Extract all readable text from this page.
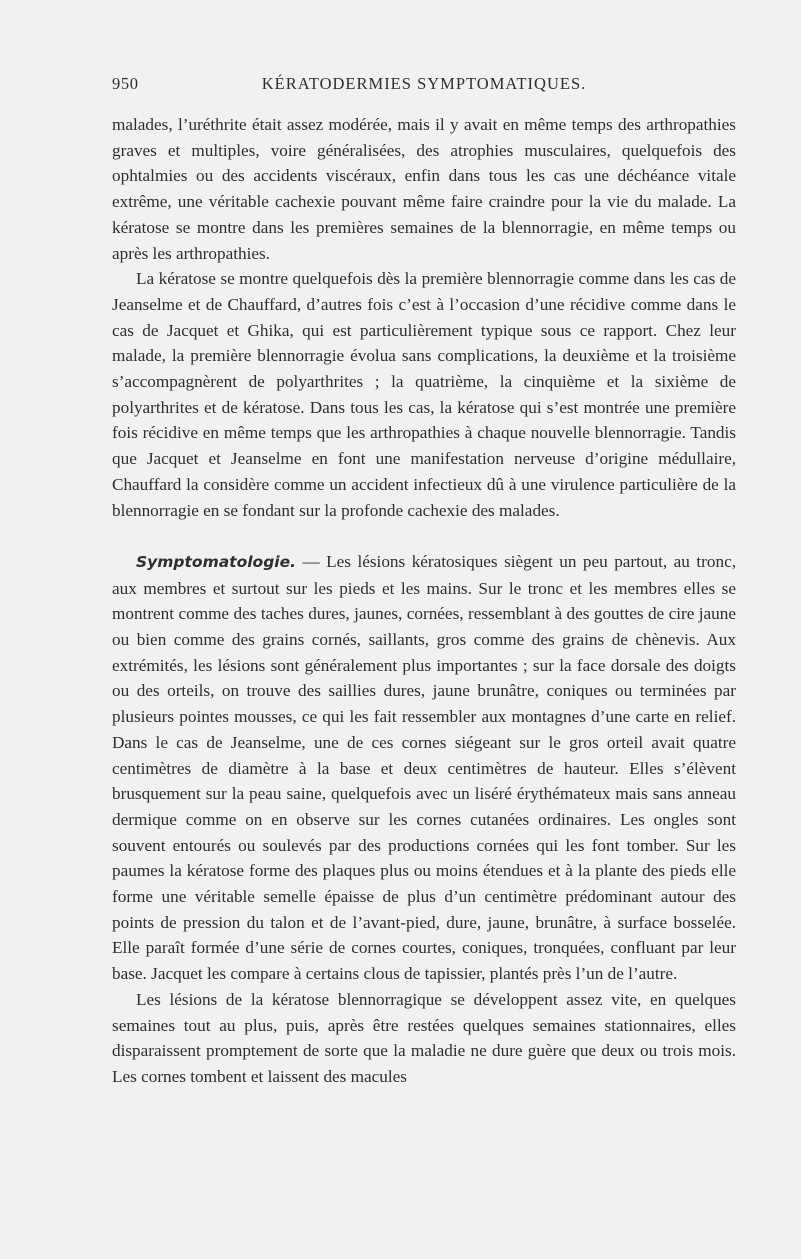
950	KÉRATODERMIES SYMPTOMATIQUES.

malades, l’uréthrite était assez modérée, mais il y avait en même temps des arthropathies graves et multiples, voire généralisées, des atrophies musculaires, quelquefois des ophtalmies ou des accidents viscéraux, enfin dans tous les cas une déchéance vitale extrême, une véritable cachexie pouvant même faire craindre pour la vie du malade. La kératose se montre dans les premières semaines de la blennorragie, en même temps ou après les arthropathies.

La kératose se montre quelquefois dès la première blennorragie comme dans les cas de Jeanselme et de Chauffard, d’autres fois c’est à l’occasion d’une récidive comme dans le cas de Jacquet et Ghika, qui est particulièrement typique sous ce rapport. Chez leur malade, la première blennorragie évolua sans complications, la deuxième et la troisième s’accompagnèrent de polyarthrites ; la quatrième, la cinquième et la sixième de polyarthrites et de kératose. Dans tous les cas, la kératose qui s’est montrée une première fois récidive en même temps que les arthropathies à chaque nouvelle blennorragie. Tandis que Jacquet et Jeanselme en font une manifestation nerveuse d’origine médullaire, Chauffard la considère comme un accident infectieux dû à une virulence particulière de la blennorragie en se fondant sur la profonde cachexie des malades.

Symptomatologie. — Les lésions kératosiques siègent un peu partout, au tronc, aux membres et surtout sur les pieds et les mains. Sur le tronc et les membres elles se montrent comme des taches dures, jaunes, cornées, ressemblant à des gouttes de cire jaune ou bien comme des grains cornés, saillants, gros comme des grains de chènevis. Aux extrémités, les lésions sont généralement plus importantes ; sur la face dorsale des doigts ou des orteils, on trouve des saillies dures, jaune brunâtre, coniques ou terminées par plusieurs pointes mousses, ce qui les fait ressembler aux montagnes d’une carte en relief. Dans le cas de Jeanselme, une de ces cornes siégeant sur le gros orteil avait quatre centimètres de diamètre à la base et deux centimètres de hauteur. Elles s’élèvent brusquement sur la peau saine, quelquefois avec un liséré érythémateux mais sans anneau dermique comme on en observe sur les cornes cutanées ordinaires. Les ongles sont souvent entourés ou soulevés par des productions cornées qui les font tomber. Sur les paumes la kératose forme des plaques plus ou moins étendues et à la plante des pieds elle forme une véritable semelle épaisse de plus d’un centimètre prédominant autour des points de pression du talon et de l’avant-pied, dure, jaune, brunâtre, à surface bosselée. Elle paraît formée d’une série de cornes courtes, coniques, tronquées, confluant par leur base. Jacquet les compare à certains clous de tapissier, plantés près l’un de l’autre.

Les lésions de la kératose blennorragique se développent assez vite, en quelques semaines tout au plus, puis, après être restées quelques semaines stationnaires, elles disparaissent promptement de sorte que la maladie ne dure guère que deux ou trois mois. Les cornes tombent et laissent des macules
